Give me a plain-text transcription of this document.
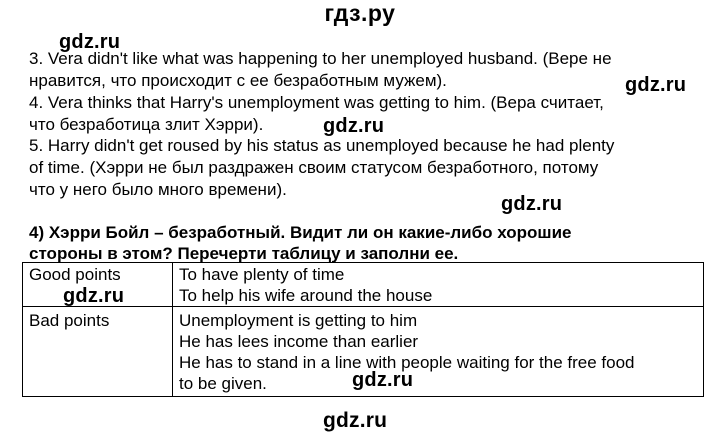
гдз.ру
gdz.ru
gdz.ru
gdz.ru
gdz.ru
gdz.ru
gdz.ru
gdz.ru
3. Vera didn't like what was happening to her unemployed husband. (Вере не
нравится, что происходит с ее безработным мужем).
4. Vera thinks that Harry's unemployment was getting to him. (Вера считает,
что безработица злит Хэрри).
5. Harry didn't get roused by his status as unemployed because he had plenty
of time. (Хэрри не был раздражен своим статусом безработного, потому
что у него было много времени).
4) Хэрри Бойл – безработный. Видит ли он какие-либо хорошие
стороны в этом? Перечерти таблицу и заполни ее.
Good points	To have plenty of time
To help his wife around the house

Bad points	Unemployment is getting to him
He has lees income than earlier
He has to stand in a line with people waiting for the free food
to be given.
